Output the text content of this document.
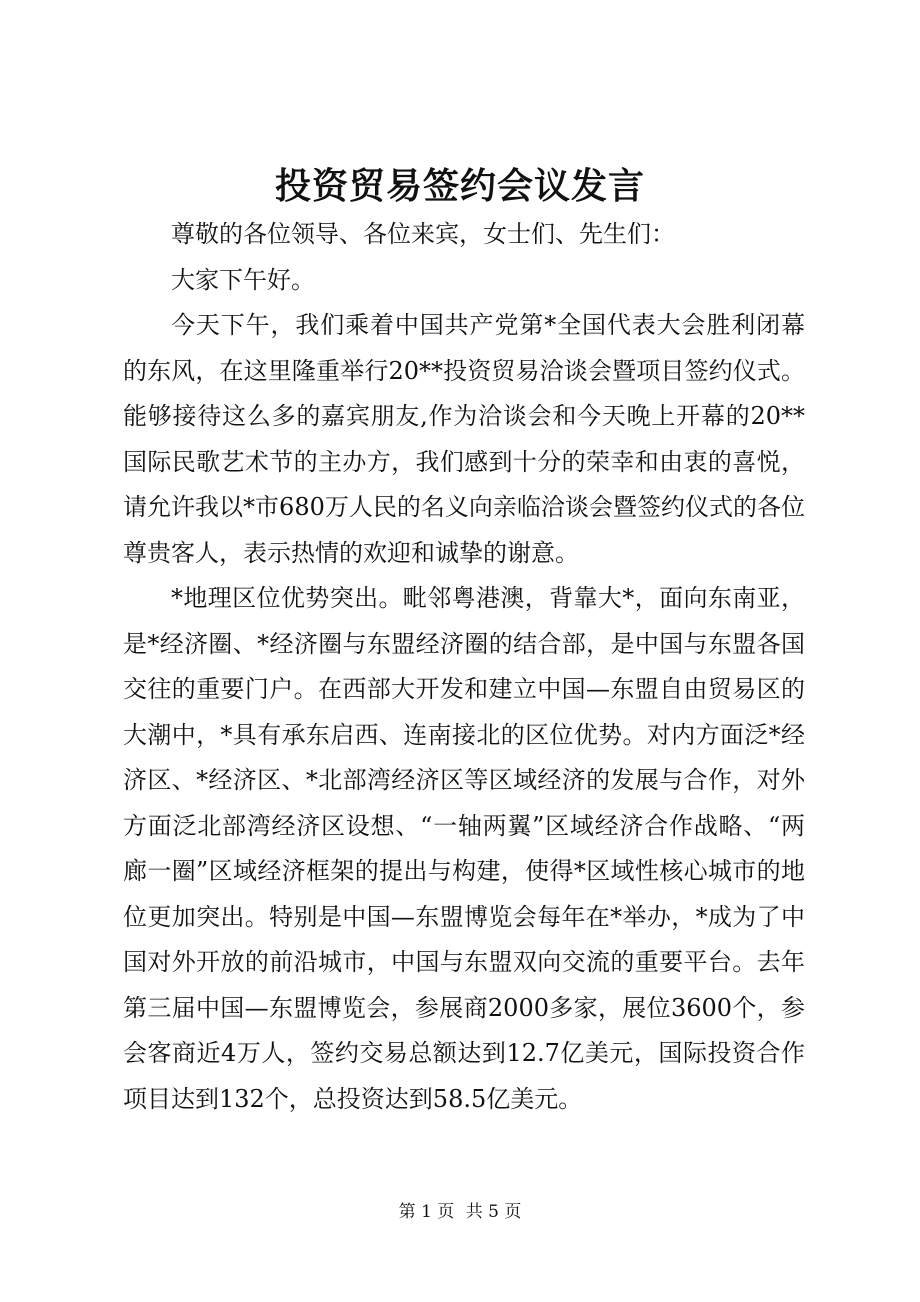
投资贸易签约会议发言

尊敬的各位领导、各位来宾，女士们、先生们：

大家下午好。

今天下午，我们乘着中国共产党第*全国代表大会胜利闭幕的东风，在这里隆重举行20**投资贸易洽谈会暨项目签约仪式。能够接待这么多的嘉宾朋友,作为洽谈会和今天晚上开幕的20**国际民歌艺术节的主办方，我们感到十分的荣幸和由衷的喜悦，请允许我以*市680万人民的名义向亲临洽谈会暨签约仪式的各位尊贵客人，表示热情的欢迎和诚挚的谢意。

*地理区位优势突出。毗邻粤港澳，背靠大*，面向东南亚，是*经济圈、*经济圈与东盟经济圈的结合部，是中国与东盟各国交往的重要门户。在西部大开发和建立中国—东盟自由贸易区的大潮中，*具有承东启西、连南接北的区位优势。对内方面泛*经济区、*经济区、*北部湾经济区等区域经济的发展与合作，对外方面泛北部湾经济区设想、“一轴两翼”区域经济合作战略、“两廊一圈”区域经济框架的提出与构建，使得*区域性核心城市的地位更加突出。特别是中国—东盟博览会每年在*举办，*成为了中国对外开放的前沿城市，中国与东盟双向交流的重要平台。去年第三届中国—东盟博览会，参展商2000多家，展位3600个，参会客商近4万人，签约交易总额达到12.7亿美元，国际投资合作项目达到132个，总投资达到58.5亿美元。

第 1 页 共 5 页
